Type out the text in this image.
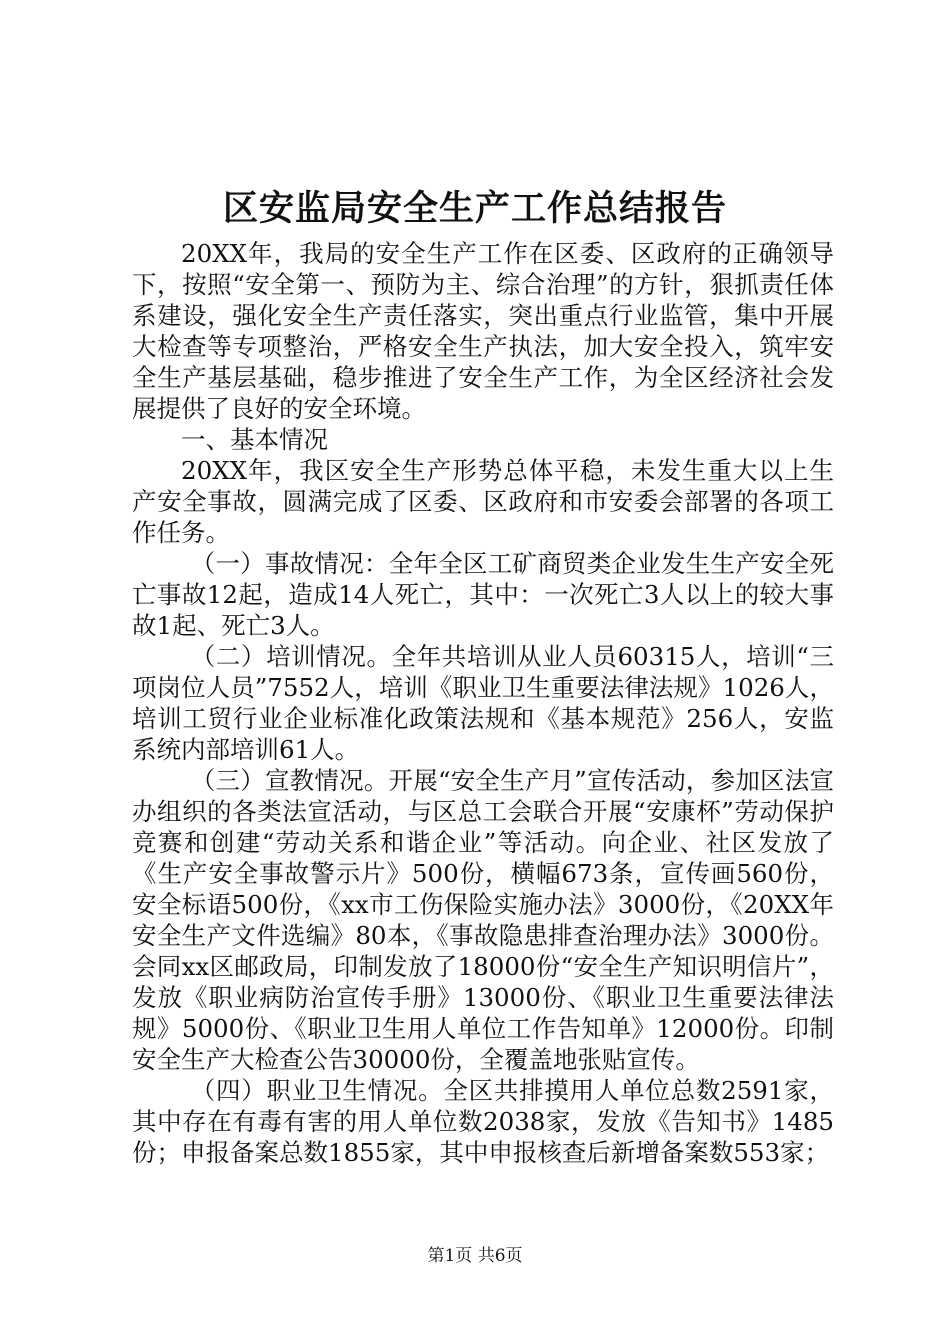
区安监局安全生产工作总结报告

20XX年，我局的安全生产工作在区委、区政府的正确领导下，按照“安全第一、预防为主、综合治理”的方针，狠抓责任体系建设，强化安全生产责任落实，突出重点行业监管，集中开展大检查等专项整治，严格安全生产执法，加大安全投入，筑牢安全生产基层基础，稳步推进了安全生产工作，为全区经济社会发展提供了良好的安全环境。

一、基本情况

20XX年，我区安全生产形势总体平稳，未发生重大以上生产安全事故，圆满完成了区委、区政府和市安委会部署的各项工作任务。

（一）事故情况：全年全区工矿商贸类企业发生生产安全死亡事故12起，造成14人死亡，其中：一次死亡3人以上的较大事故1起、死亡3人。

（二）培训情况。全年共培训从业人员60315人，培训“三项岗位人员”7552人，培训《职业卫生重要法律法规》1026人，培训工贸行业企业标准化政策法规和《基本规范》256人，安监系统内部培训61人。

（三）宣教情况。开展“安全生产月”宣传活动，参加区法宣办组织的各类法宣活动，与区总工会联合开展“安康杯”劳动保护竞赛和创建“劳动关系和谐企业”等活动。向企业、社区发放了《生产安全事故警示片》500份，横幅673条，宣传画560份，安全标语500份，《xx市工伤保险实施办法》3000份，《20XX年安全生产文件选编》80本，《事故隐患排查治理办法》3000份。会同xx区邮政局，印制发放了18000份“安全生产知识明信片”，发放《职业病防治宣传手册》13000份、《职业卫生重要法律法规》5000份、《职业卫生用人单位工作告知单》12000份。印制安全生产大检查公告30000份，全覆盖地张贴宣传。

（四）职业卫生情况。全区共排摸用人单位总数2591家，其中存在有毒有害的用人单位数2038家，发放《告知书》1485份；申报备案总数1855家，其中申报核查后新增备案数553家；

第1页 共6页
